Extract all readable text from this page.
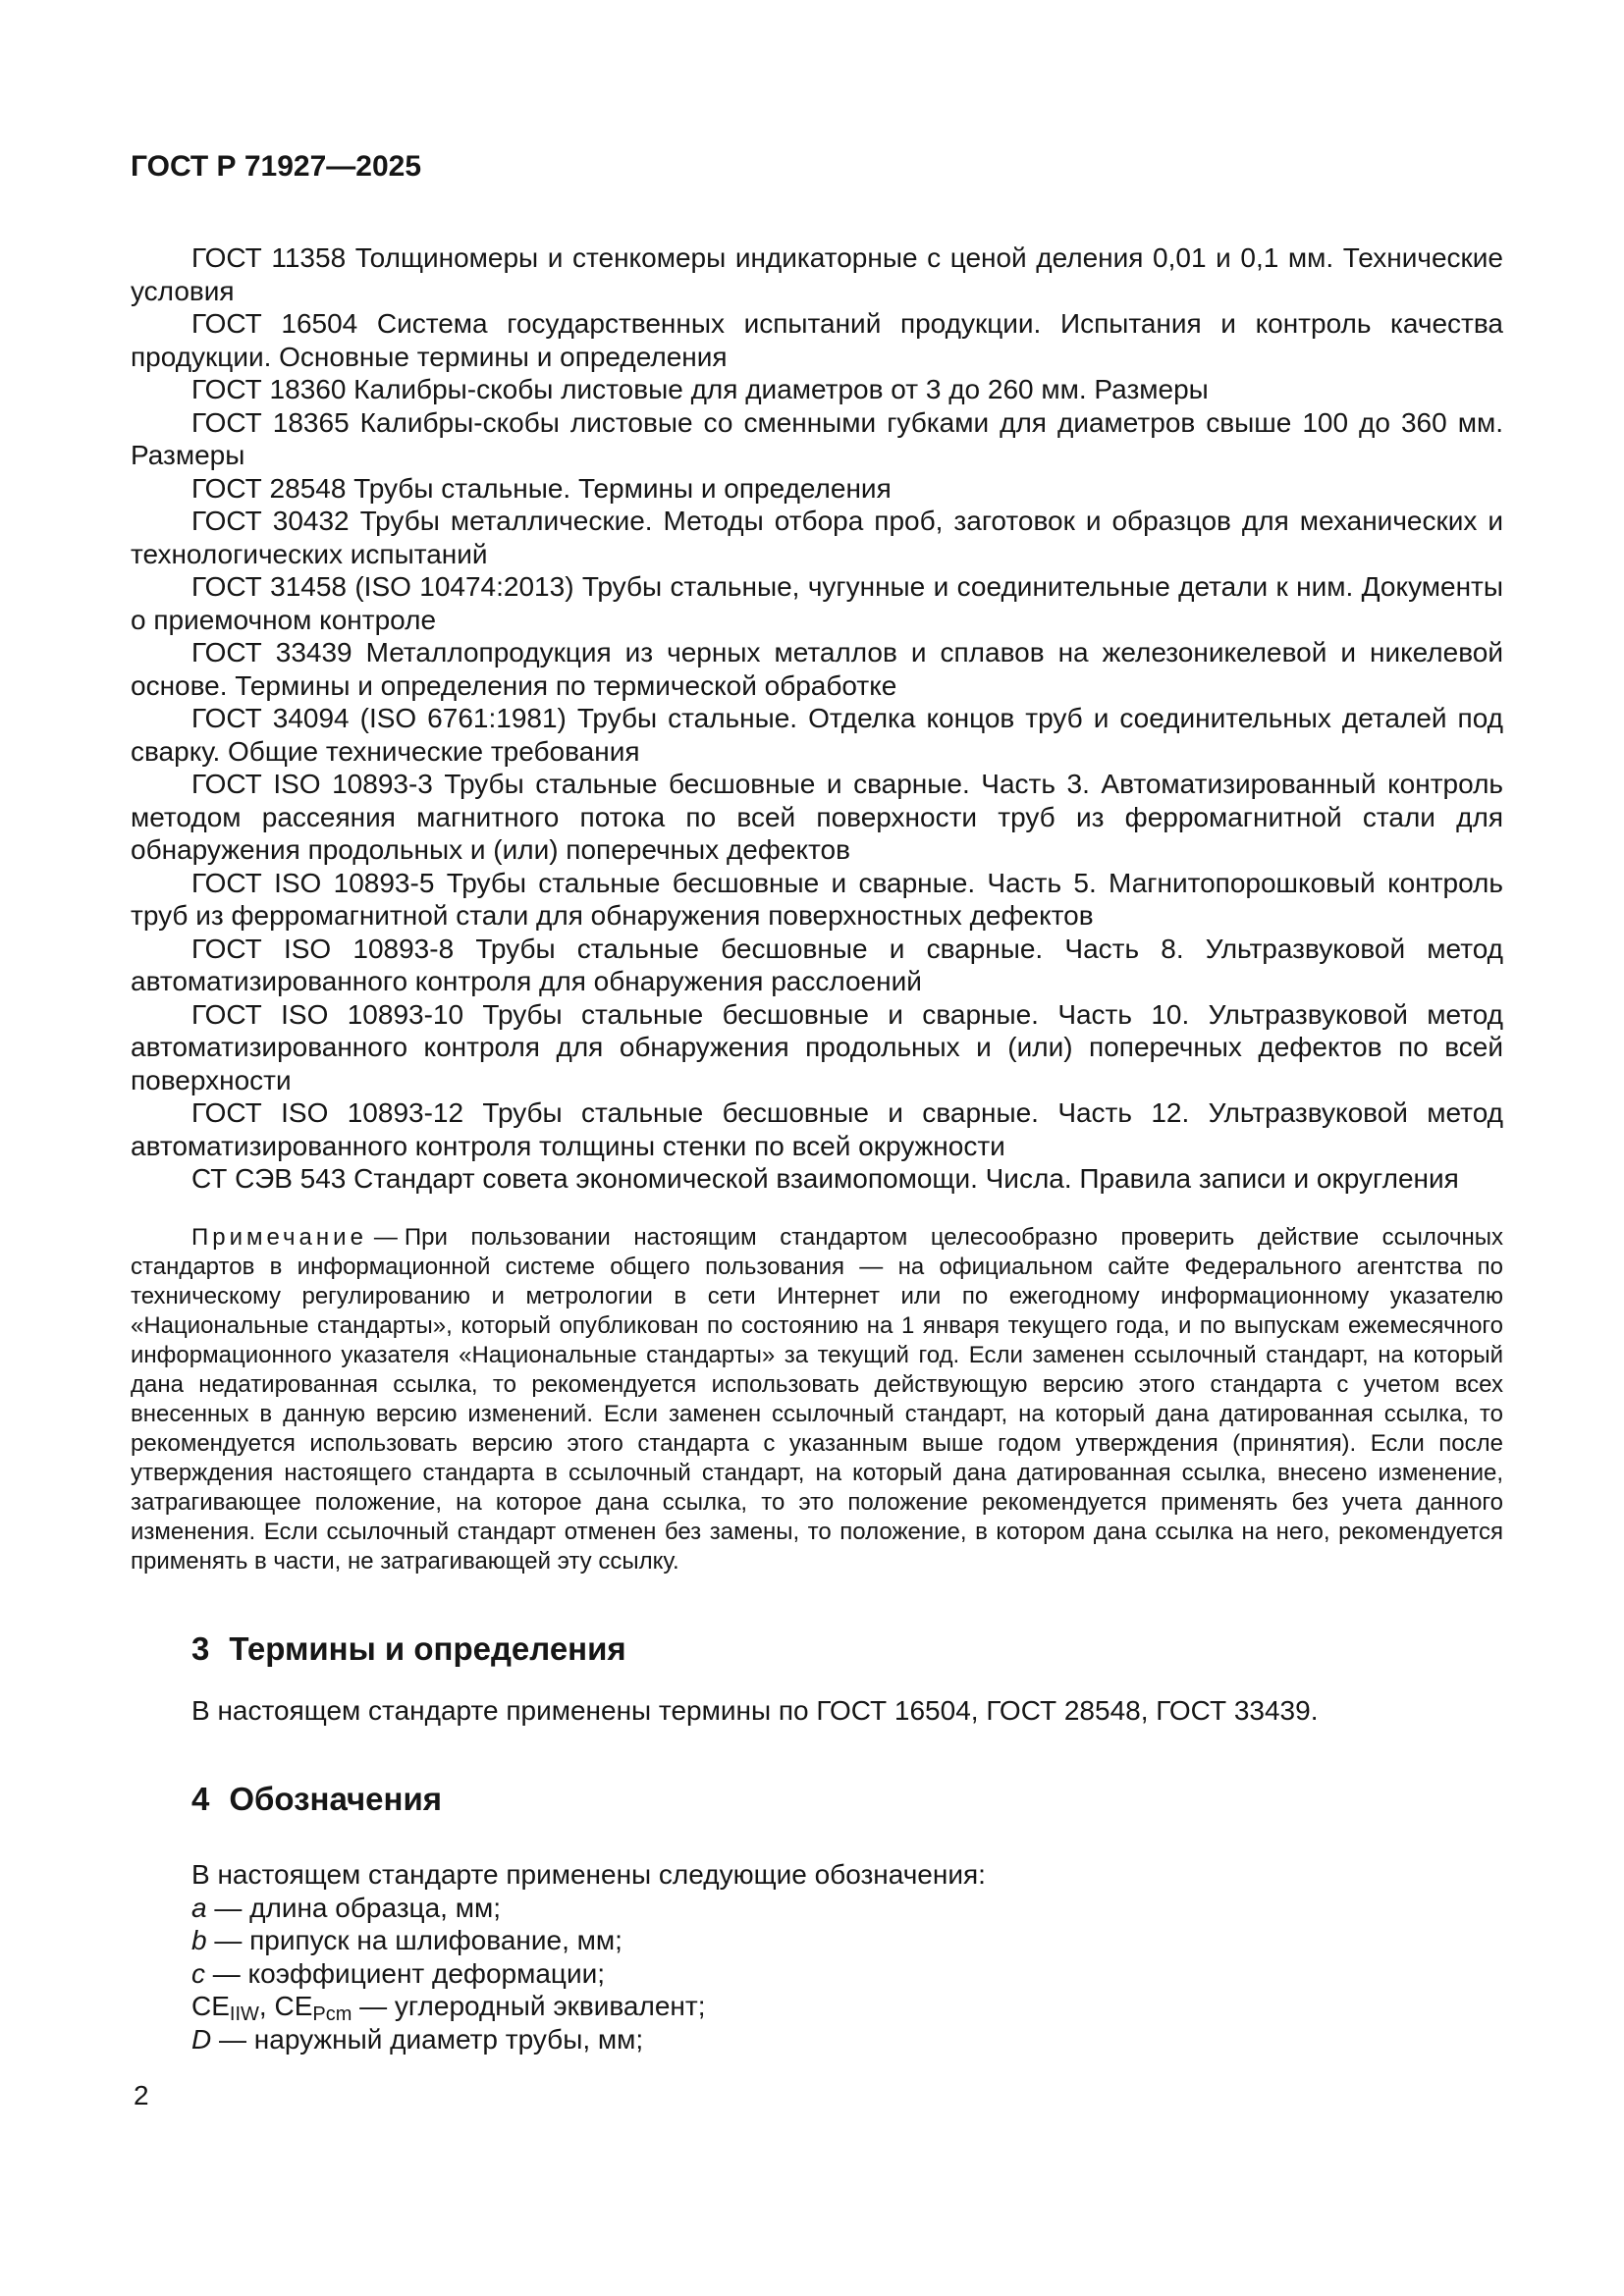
ГОСТ Р 71927—2025

ГОСТ 11358 Толщиномеры и стенкомеры индикаторные с ценой деления 0,01 и 0,1 мм. Технические условия

ГОСТ 16504 Система государственных испытаний продукции. Испытания и контроль качества продукции. Основные термины и определения

ГОСТ 18360 Калибры-скобы листовые для диаметров от 3 до 260 мм. Размеры

ГОСТ 18365 Калибры-скобы листовые со сменными губками для диаметров свыше 100 до 360 мм. Размеры

ГОСТ 28548 Трубы стальные. Термины и определения

ГОСТ 30432 Трубы металлические. Методы отбора проб, заготовок и образцов для механических и технологических испытаний

ГОСТ 31458 (ISO 10474:2013) Трубы стальные, чугунные и соединительные детали к ним. Документы о приемочном контроле

ГОСТ 33439 Металлопродукция из черных металлов и сплавов на железоникелевой и никелевой основе. Термины и определения по термической обработке

ГОСТ 34094 (ISO 6761:1981) Трубы стальные. Отделка концов труб и соединительных деталей под сварку. Общие технические требования

ГОСТ ISO 10893-3 Трубы стальные бесшовные и сварные. Часть 3. Автоматизированный контроль методом рассеяния магнитного потока по всей поверхности труб из ферромагнитной стали для обнаружения продольных и (или) поперечных дефектов

ГОСТ ISO 10893-5 Трубы стальные бесшовные и сварные. Часть 5. Магнитопорошковый контроль труб из ферромагнитной стали для обнаружения поверхностных дефектов

ГОСТ ISO 10893-8 Трубы стальные бесшовные и сварные. Часть 8. Ультразвуковой метод автоматизированного контроля для обнаружения расслоений

ГОСТ ISO 10893-10 Трубы стальные бесшовные и сварные. Часть 10. Ультразвуковой метод автоматизированного контроля для обнаружения продольных и (или) поперечных дефектов по всей поверхности

ГОСТ ISO 10893-12 Трубы стальные бесшовные и сварные. Часть 12. Ультразвуковой метод автоматизированного контроля толщины стенки по всей окружности

СТ СЭВ 543 Стандарт совета экономической взаимопомощи. Числа. Правила записи и округления

Примечание — При пользовании настоящим стандартом целесообразно проверить действие ссылочных стандартов в информационной системе общего пользования — на официальном сайте Федерального агентства по техническому регулированию и метрологии в сети Интернет или по ежегодному информационному указателю «Национальные стандарты», который опубликован по состоянию на 1 января текущего года, и по выпускам ежемесячного информационного указателя «Национальные стандарты» за текущий год. Если заменен ссылочный стандарт, на который дана недатированная ссылка, то рекомендуется использовать действующую версию этого стандарта с учетом всех внесенных в данную версию изменений. Если заменен ссылочный стандарт, на который дана датированная ссылка, то рекомендуется использовать версию этого стандарта с указанным выше годом утверждения (принятия). Если после утверждения настоящего стандарта в ссылочный стандарт, на который дана датированная ссылка, внесено изменение, затрагивающее положение, на которое дана ссылка, то это положение рекомендуется применять без учета данного изменения. Если ссылочный стандарт отменен без замены, то положение, в котором дана ссылка на него, рекомендуется применять в части, не затрагивающей эту ссылку.

3 Термины и определения

В настоящем стандарте применены термины по ГОСТ 16504, ГОСТ 28548, ГОСТ 33439.

4 Обозначения

В настоящем стандарте применены следующие обозначения:

a — длина образца, мм;

b — припуск на шлифование, мм;

c — коэффициент деформации;

$CE_{IIW}$, $CE_{Pcm}$ — углеродный эквивалент;

D — наружный диаметр трубы, мм;

2
